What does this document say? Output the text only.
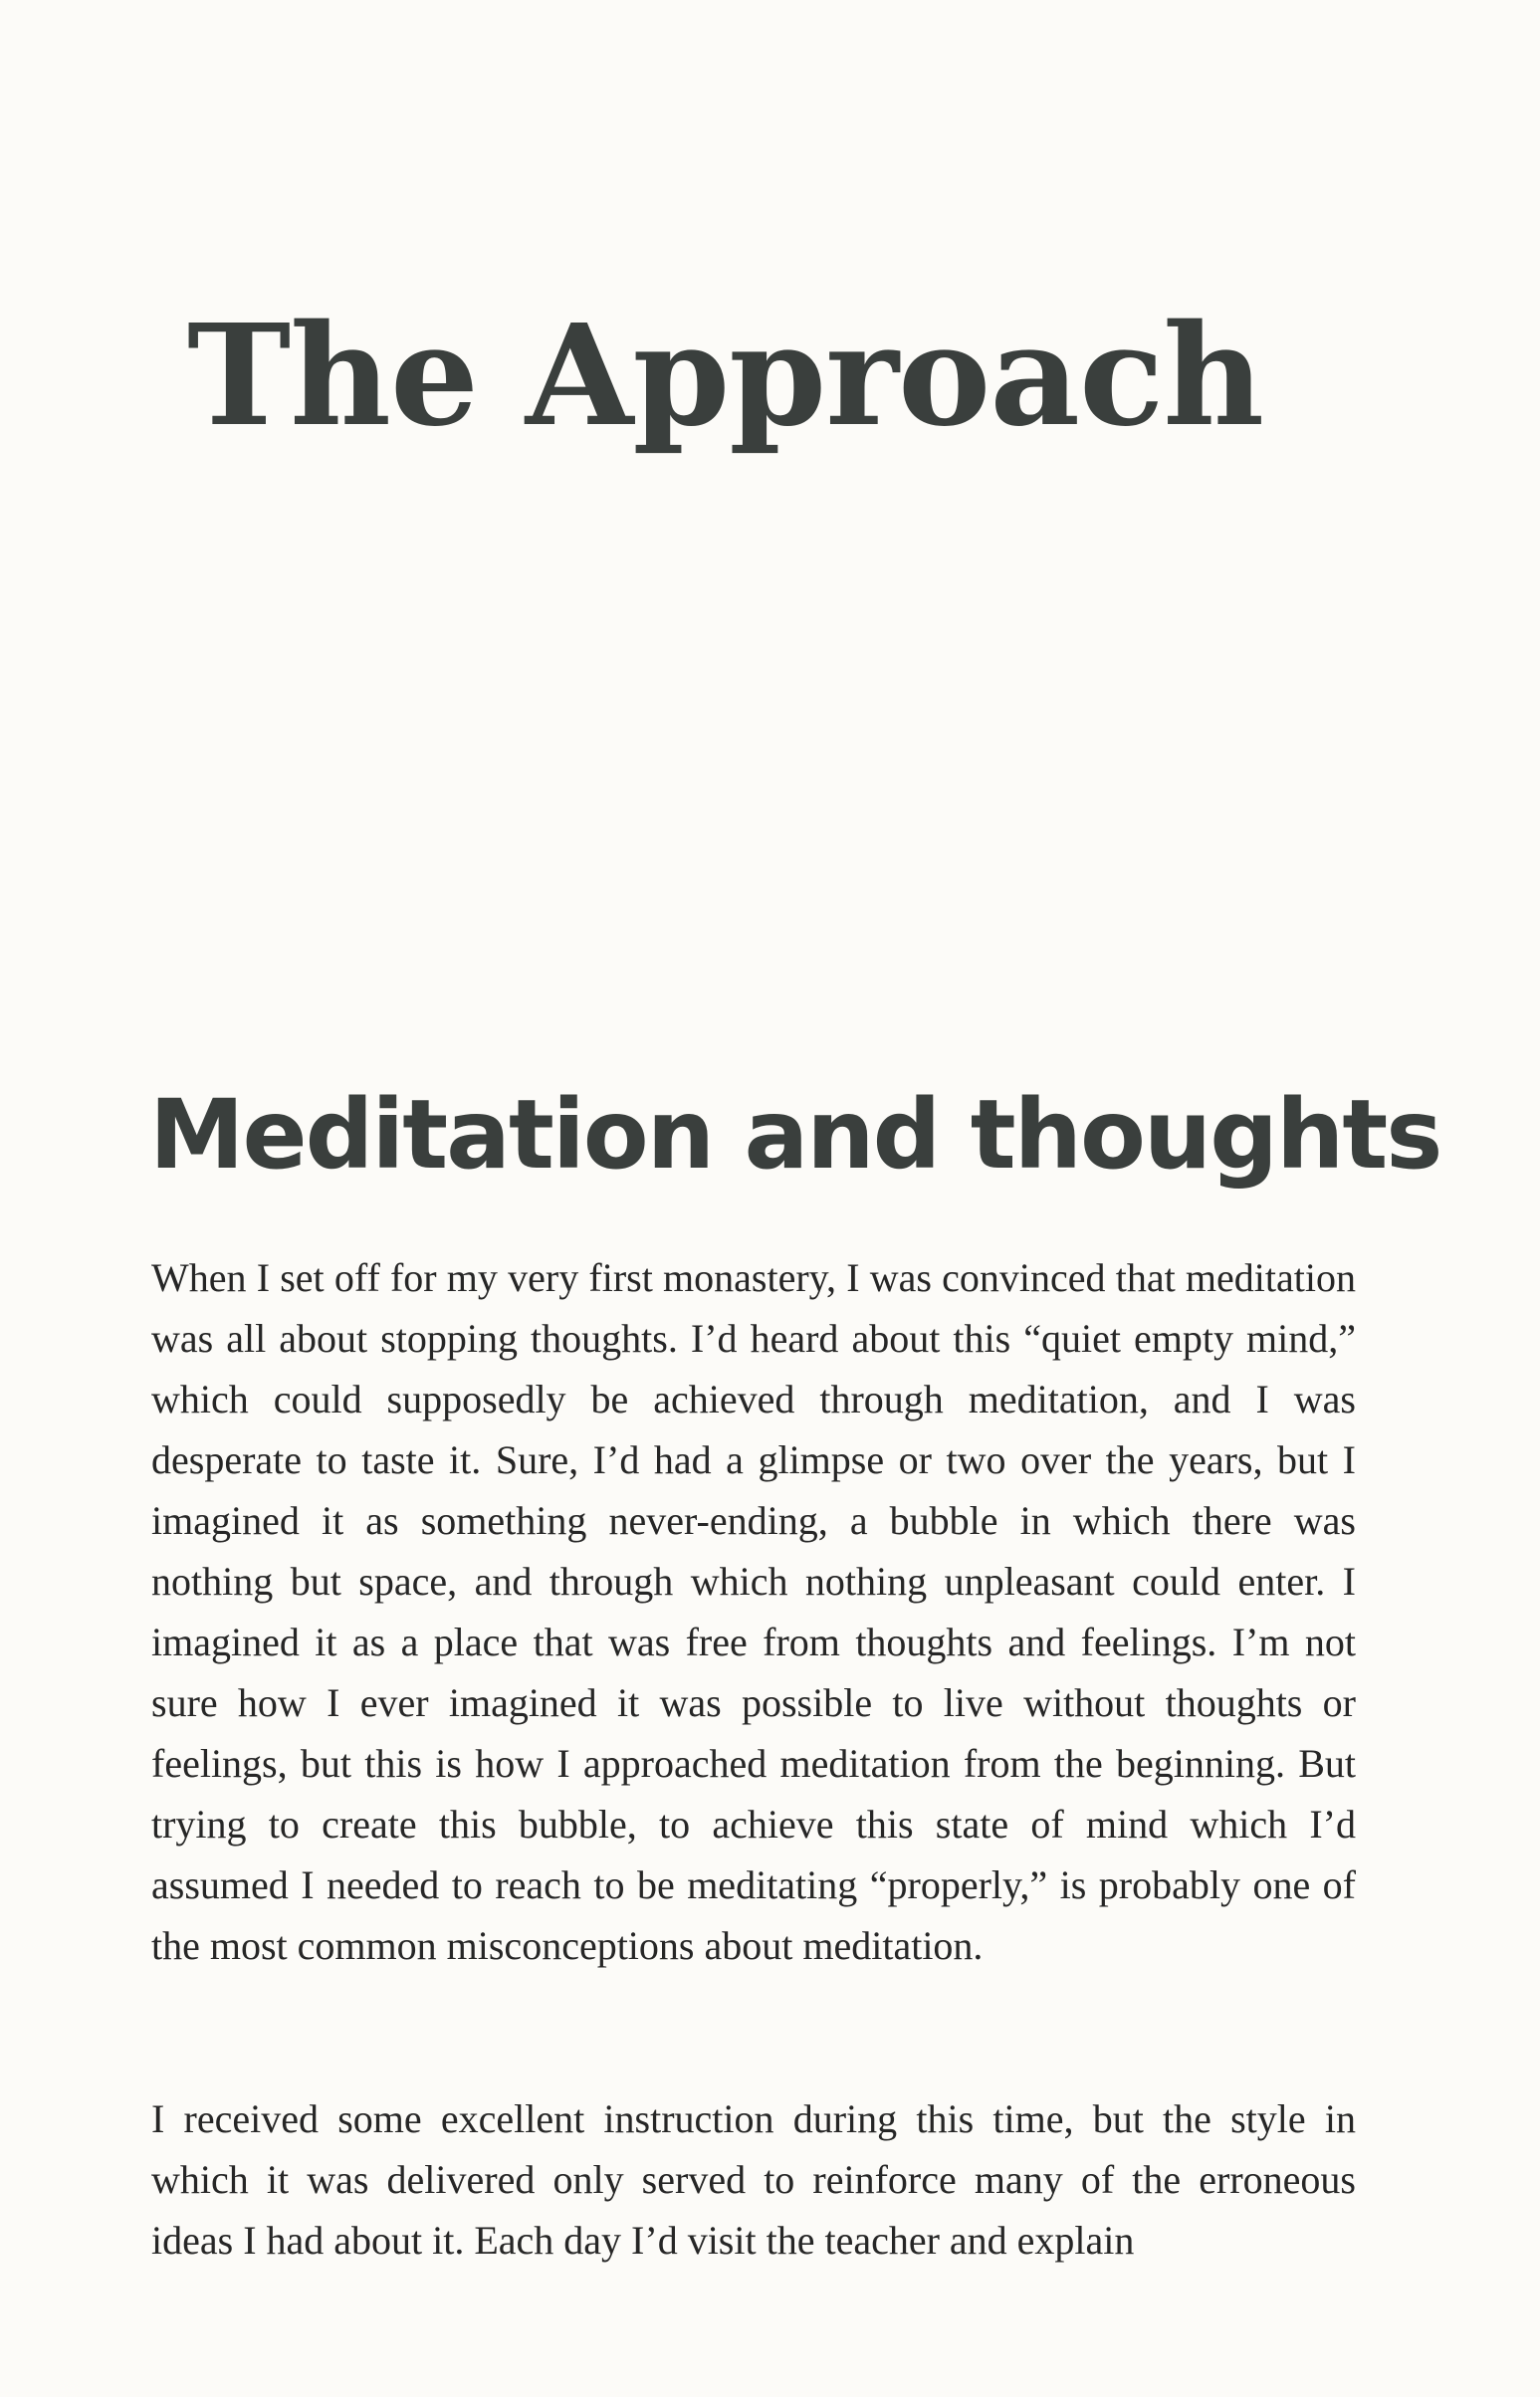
The Approach
Meditation and thoughts

When I set off for my very first monastery, I was convinced that meditation was all about stopping thoughts. I’d heard about this “quiet empty mind,” which could supposedly be achieved through meditation, and I was desperate to taste it. Sure, I’d had a glimpse or two over the years, but I imagined it as something never-ending, a bubble in which there was nothing but space, and through which nothing unpleasant could enter. I imagined it as a place that was free from thoughts and feelings. I’m not sure how I ever imagined it was possible to live without thoughts or feelings, but this is how I approached meditation from the beginning. But trying to create this bubble, to achieve this state of mind which I’d assumed I needed to reach to be meditating “properly,” is probably one of the most common misconceptions about meditation.

I received some excellent instruction during this time, but the style in which it was delivered only served to reinforce many of the erroneous ideas I had about it. Each day I’d visit the teacher and explain
